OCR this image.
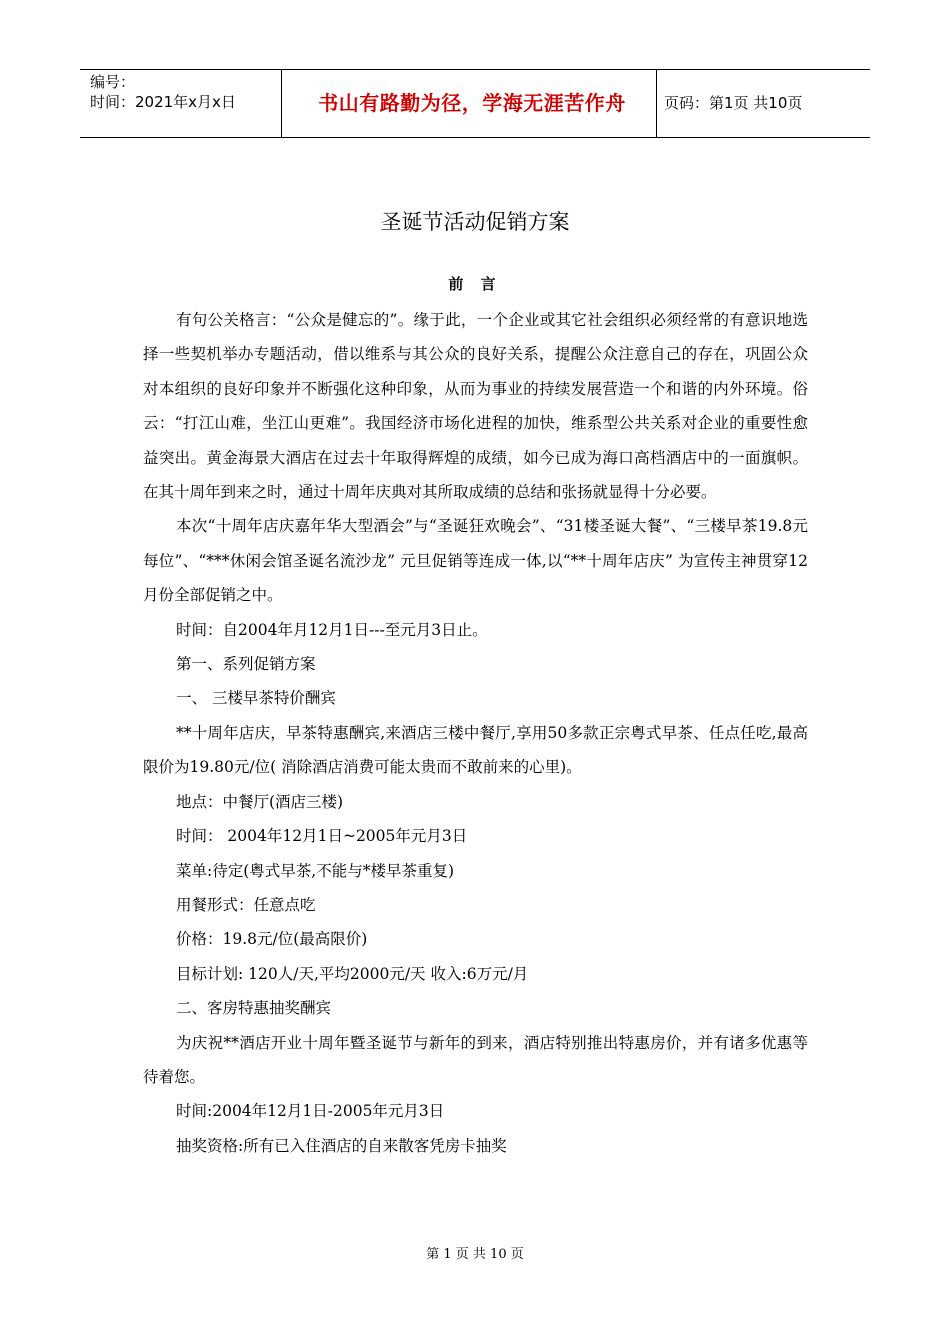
编号：
时间：2021年x月x日	书山有路勤为径，学海无涯苦作舟	页码：第1页 共10页
圣诞节活动促销方案
前 言

有句公关格言：“公众是健忘的”。缘于此，一个企业或其它社会组织必须经常的有意识地选择一些契机举办专题活动，借以维系与其公众的良好关系，提醒公众注意自己的存在，巩固公众对本组织的良好印象并不断强化这种印象，从而为事业的持续发展营造一个和谐的内外环境。俗云：“打江山难，坐江山更难”。我国经济市场化进程的加快，维系型公共关系对企业的重要性愈益突出。黄金海景大酒店在过去十年取得辉煌的成绩，如今已成为海口高档酒店中的一面旗帜。在其十周年到来之时，通过十周年庆典对其所取成绩的总结和张扬就显得十分必要。

本次“十周年店庆嘉年华大型酒会”与“圣诞狂欢晚会”、“31楼圣诞大餐”、“三楼早茶19.8元每位”、“***休闲会馆圣诞名流沙龙” 元旦促销等连成一体,以“**十周年店庆” 为宣传主神贯穿12月份全部促销之中。

时间：自2004年月12月1日---至元月3日止。

第一、系列促销方案

一、 三楼早茶特价酬宾

**十周年店庆，早茶特惠酬宾,来酒店三楼中餐厅,享用50多款正宗粤式早茶、任点任吃,最高限价为19.80元/位( 消除酒店消费可能太贵而不敢前来的心里)。

地点：中餐厅(酒店三楼)

时间： 2004年12月1日~2005年元月3日

菜单:待定(粤式早茶,不能与*楼早茶重复)

用餐形式：任意点吃

价格：19.8元/位(最高限价)

目标计划: 120人/天,平均2000元/天 收入:6万元/月

二、客房特惠抽奖酬宾

为庆祝**酒店开业十周年暨圣诞节与新年的到来，酒店特别推出特惠房价，并有诸多优惠等待着您。

时间:2004年12月1日-2005年元月3日

抽奖资格:所有已入住酒店的自来散客凭房卡抽奖

第 1 页 共 10 页
